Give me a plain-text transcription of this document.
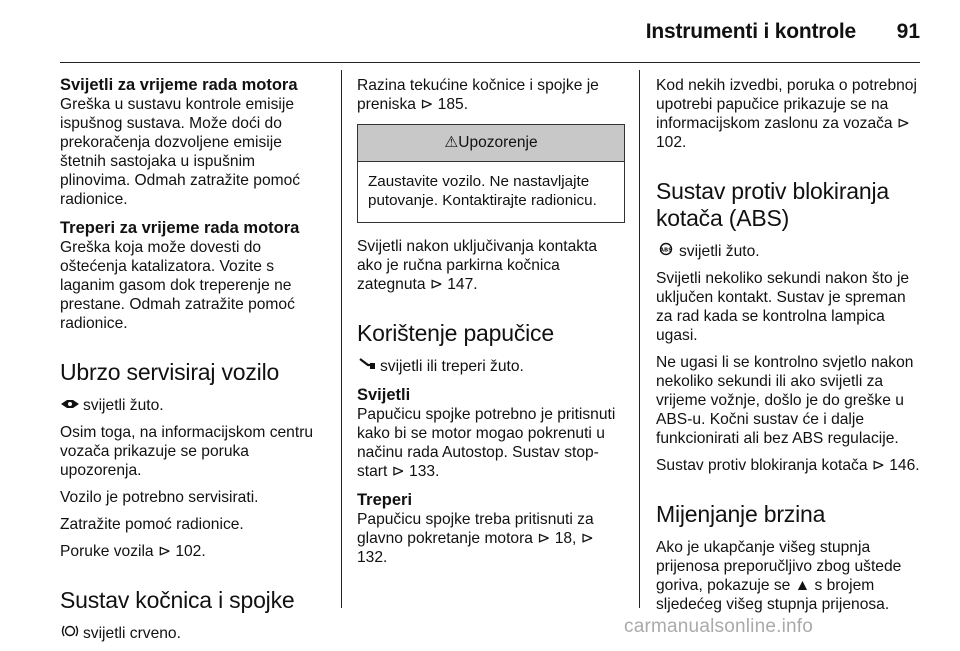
Instrumenti i kontrole 91
Svijetli za vrijeme rada motora
Greška u sustavu kontrole emisije ispušnog sustava. Može doći do prekoračenja dozvoljene emisije štetnih sastojaka u ispušnim plinovima. Odmah zatražite pomoć radionice.
Treperi za vrijeme rada motora
Greška koja može dovesti do oštećenja katalizatora. Vozite s laganim gasom dok treperenje ne prestane. Odmah zatražite pomoć radionice.
Ubrzo servisiraj vozilo
svijetli žuto.
Osim toga, na informacijskom centru vozača prikazuje se poruka upozorenja.
Vozilo je potrebno servisirati.
Zatražite pomoć radionice.
Poruke vozila ⊳ 102.
Sustav kočnica i spojke
svijetli crveno.
Razina tekućine kočnice i spojke je preniska ⊳ 185.
⚠Upozorenje
Zaustavite vozilo. Ne nastavljajte putovanje. Kontaktirajte radionicu.
Svijetli nakon uključivanja kontakta ako je ručna parkirna kočnica zategnuta ⊳ 147.
Korištenje papučice
svijetli ili treperi žuto.
Svijetli
Papučicu spojke potrebno je pritisnuti kako bi se motor mogao pokrenuti u načinu rada Autostop. Sustav stop-start ⊳ 133.
Treperi
Papučicu spojke treba pritisnuti za glavno pokretanje motora ⊳ 18, ⊳ 132.
Kod nekih izvedbi, poruka o potrebnoj upotrebi papučice prikazuje se na informacijskom zaslonu za vozača ⊳ 102.
Sustav protiv blokiranja kotača (ABS)
ABS svijetli žuto.
Svijetli nekoliko sekundi nakon što je uključen kontakt. Sustav je spreman za rad kada se kontrolna lampica ugasi.
Ne ugasi li se kontrolno svjetlo nakon nekoliko sekundi ili ako svijetli za vrijeme vožnje, došlo je do greške u ABS-u. Kočni sustav će i dalje funkcionirati ali bez ABS regulacije.
Sustav protiv blokiranja kotača ⊳ 146.
Mijenjanje brzina
Ako je ukapčanje višeg stupnja prijenosa preporučljivo zbog uštede goriva, pokazuje se ▲ s brojem sljedećeg višeg stupnja prijenosa.
carmanualsonline.info
